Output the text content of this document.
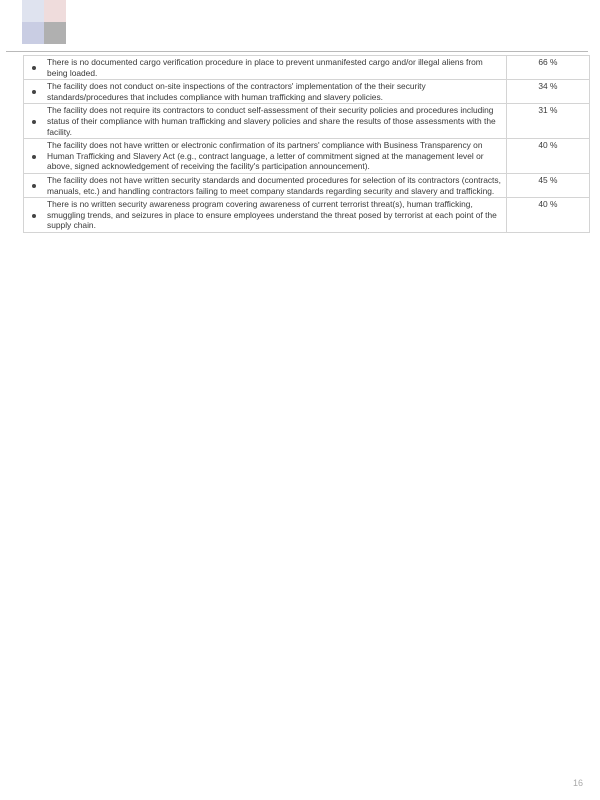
	There is no documented cargo verification procedure in place to prevent unmanifested cargo and/or illegal aliens from being loaded.	66 %
	The facility does not conduct on-site inspections of the contractors' implementation of the their security standards/procedures that includes compliance with human trafficking and slavery policies.	34 %
	The facility does not require its contractors to conduct self-assessment of their security policies and procedures including status of their compliance with human trafficking and slavery policies and share the results of those assessments with the facility.	31 %
	The facility does not have written or electronic confirmation of its partners' compliance with Business Transparency on Human Trafficking and Slavery Act (e.g., contract language, a letter of commitment signed at the management level or above, signed acknowledgement of receiving the facility's participation announcement).	40 %
	The facility does not have written security standards and documented procedures for selection of its contractors (contracts, manuals, etc.) and handling contractors failing to meet company standards regarding security and slavery and trafficking.	45 %
	There is no written security awareness program covering awareness of current terrorist threat(s), human trafficking, smuggling trends, and seizures in place to ensure employees understand the threat posed by terrorist at each point of the supply chain.	40 %
16
